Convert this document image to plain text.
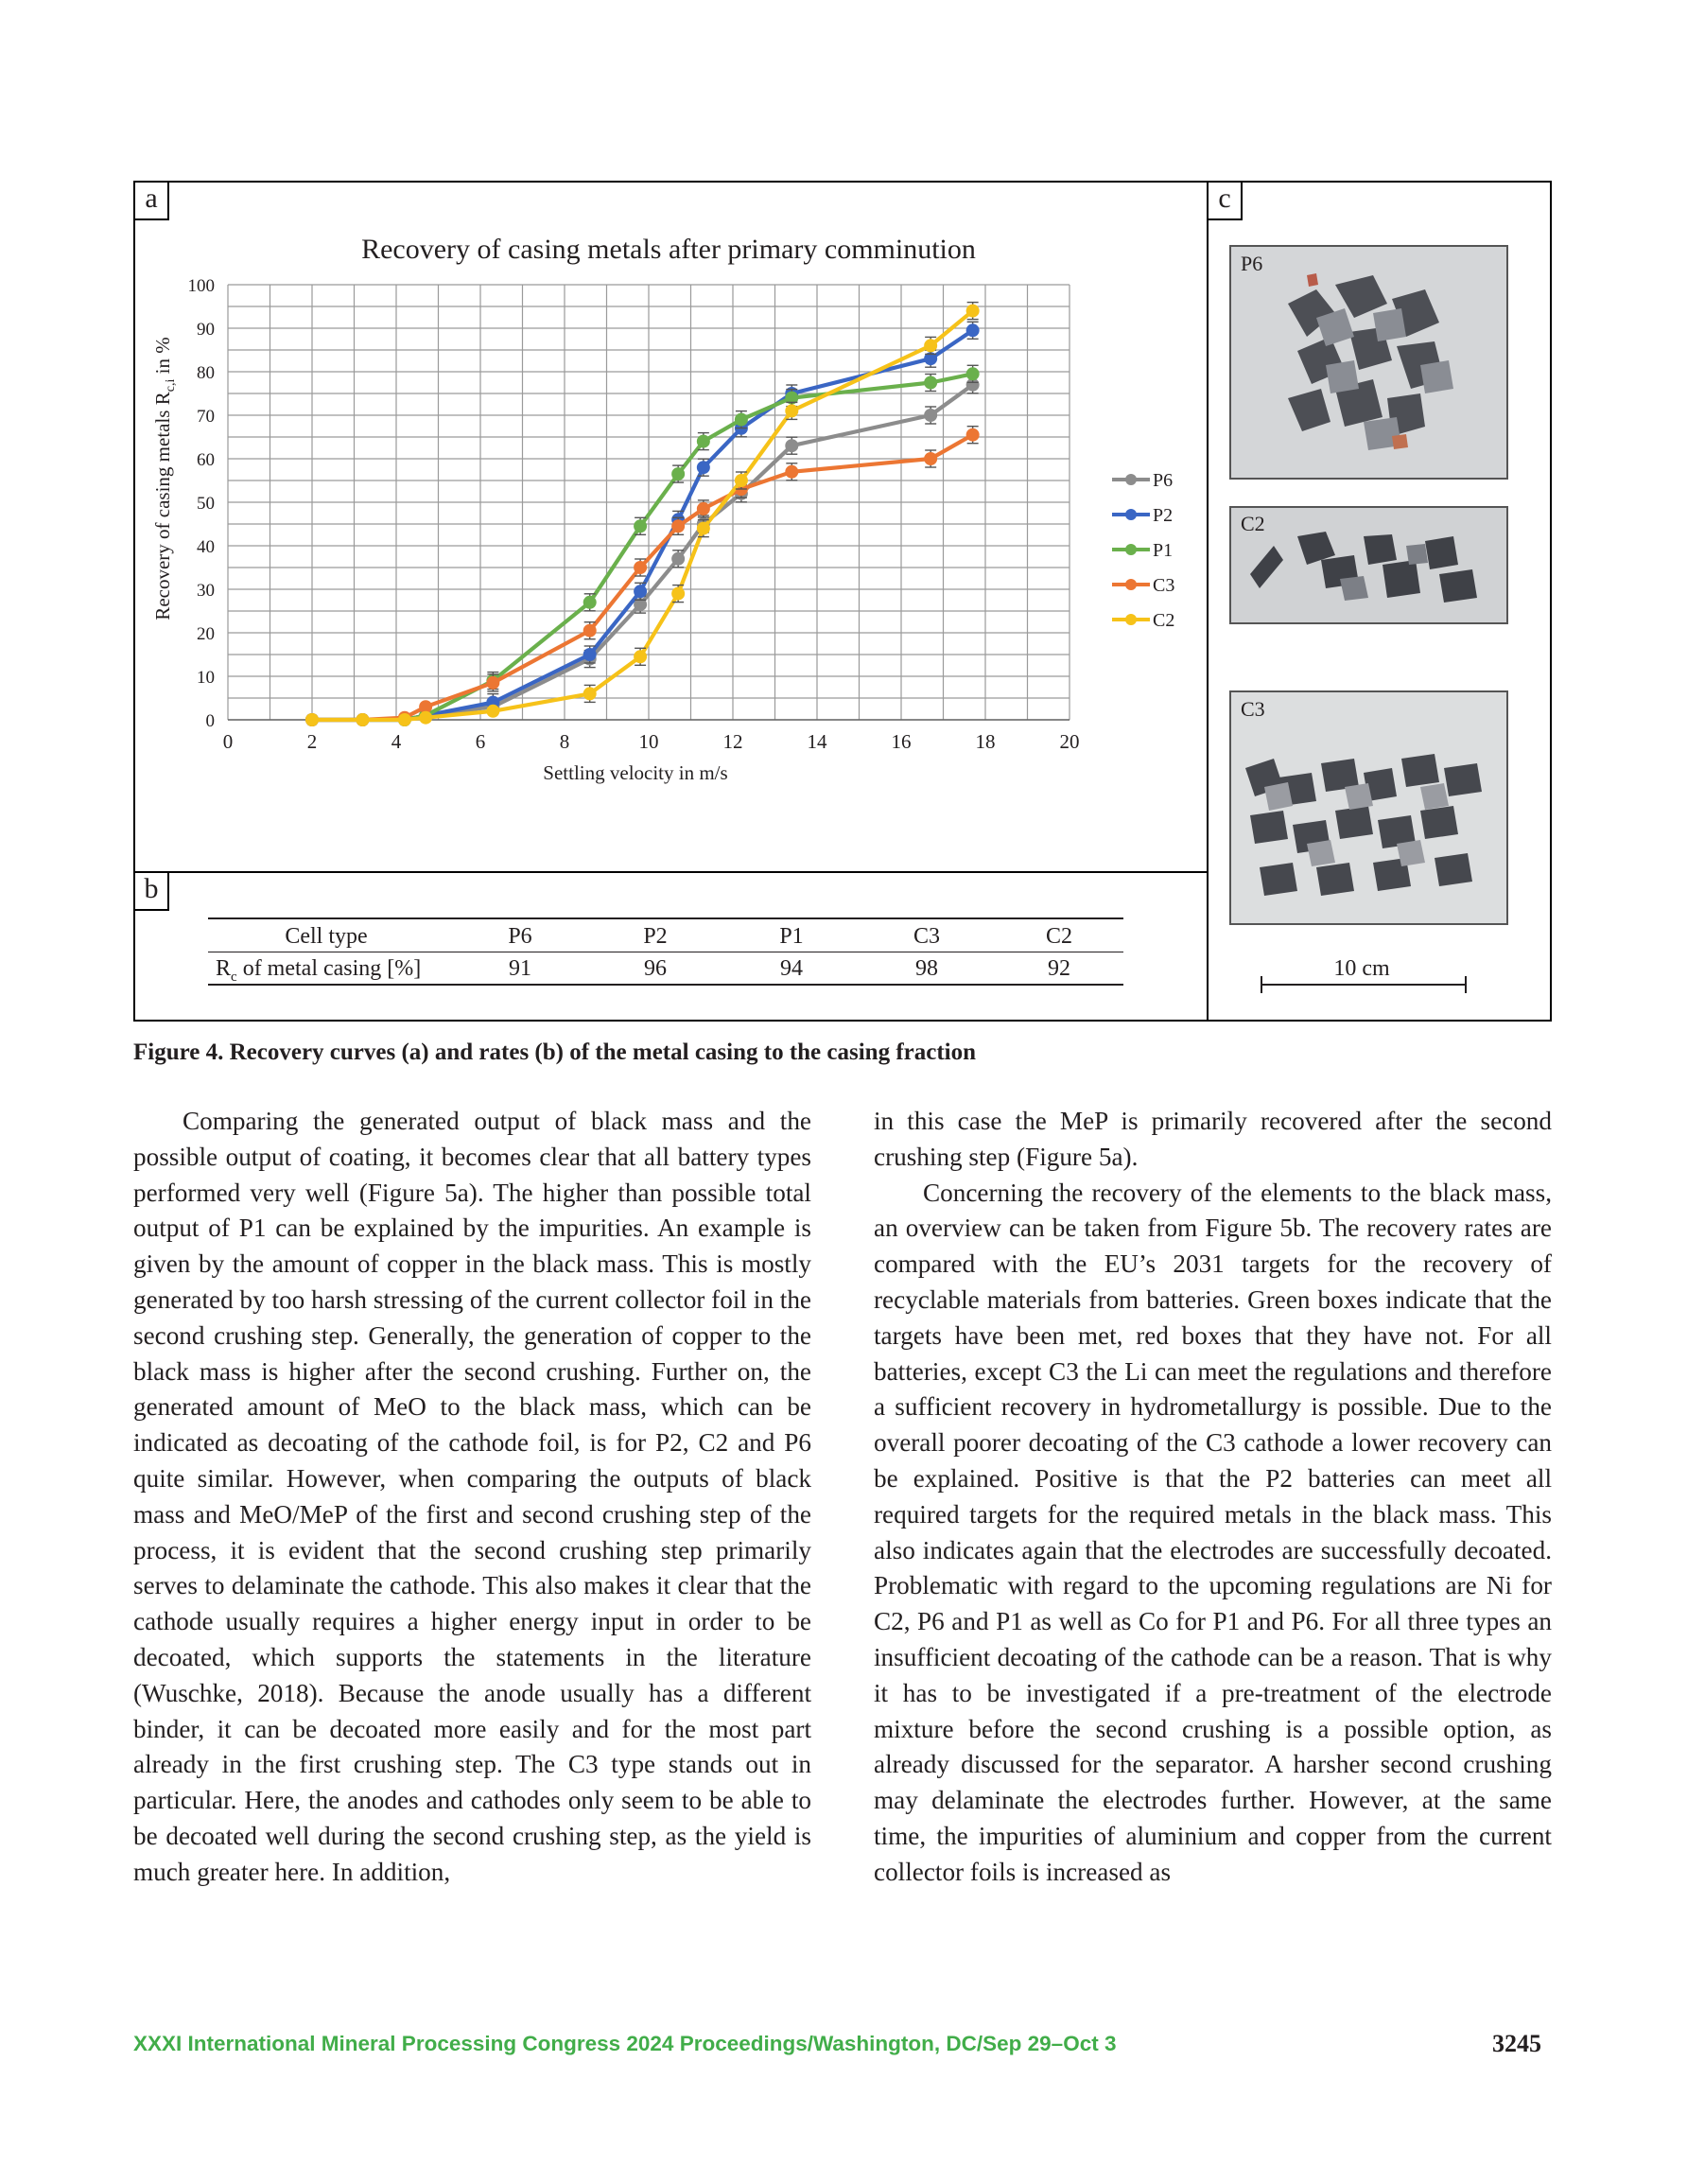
a
b
c
Recovery of casing metals after primary comminution
0	2	4	6	8	10	12	14	16	18	20
0
10
20
30
40
50
60
70
80
90
100
Settling velocity in m/s
Recovery of casing metals $R_{c,i}$ in %
P6
P2
P1
C3
C2
Cell type	P6	P2	P1	C3	C2
$R_c$ of metal casing [%]	91	96	94	98	92
P6
C2
C3
10 cm
Figure 4. Recovery curves (a) and rates (b) of the metal casing to the casing fraction

Comparing the generated output of black mass and the possible output of coating, it becomes clear that all battery types performed very well (Figure 5a). The higher than possible total output of P1 can be explained by the impurities. An example is given by the amount of copper in the black mass. This is mostly generated by too harsh stressing of the current collector foil in the second crushing step. Generally, the generation of copper to the black mass is higher after the second crushing. Further on, the generated amount of MeO to the black mass, which can be indicated as decoating of the cathode foil, is for P2, C2 and P6 quite similar. However, when comparing the outputs of black mass and MeO/MeP of the first and second crushing step of the process, it is evident that the second crushing step primarily serves to delaminate the cathode. This also makes it clear that the cathode usually requires a higher energy input in order to be decoated, which supports the statements in the literature (Wuschke, 2018). Because the anode usually has a different binder, it can be decoated more easily and for the most part already in the first crushing step. The C3 type stands out in particular. Here, the anodes and cathodes only seem to be able to be decoated well during the second crushing step, as the yield is much greater here. In addition,

in this case the MeP is primarily recovered after the second crushing step (Figure 5a).

Concerning the recovery of the elements to the black mass, an overview can be taken from Figure 5b. The recovery rates are compared with the EU’s 2031 targets for the recovery of recyclable materials from batteries. Green boxes indicate that the targets have been met, red boxes that they have not. For all batteries, except C3 the Li can meet the regulations and therefore a sufficient recovery in hydrometallurgy is possible. Due to the overall poorer decoating of the C3 cathode a lower recovery can be explained. Positive is that the P2 batteries can meet all required targets for the required metals in the black mass. This also indicates again that the electrodes are successfully decoated. Problematic with regard to the upcoming regulations are Ni for C2, P6 and P1 as well as Co for P1 and P6. For all three types an insufficient decoating of the cathode can be a reason. That is why it has to be investigated if a pre-treatment of the electrode mixture before the second crushing is a possible option, as already discussed for the separator. A harsher second crushing may delaminate the electrodes further. However, at the same time, the impurities of aluminium and copper from the current collector foils is increased as

XXXI International Mineral Processing Congress 2024 Proceedings/Washington, DC/Sep 29–Oct 3	3245
